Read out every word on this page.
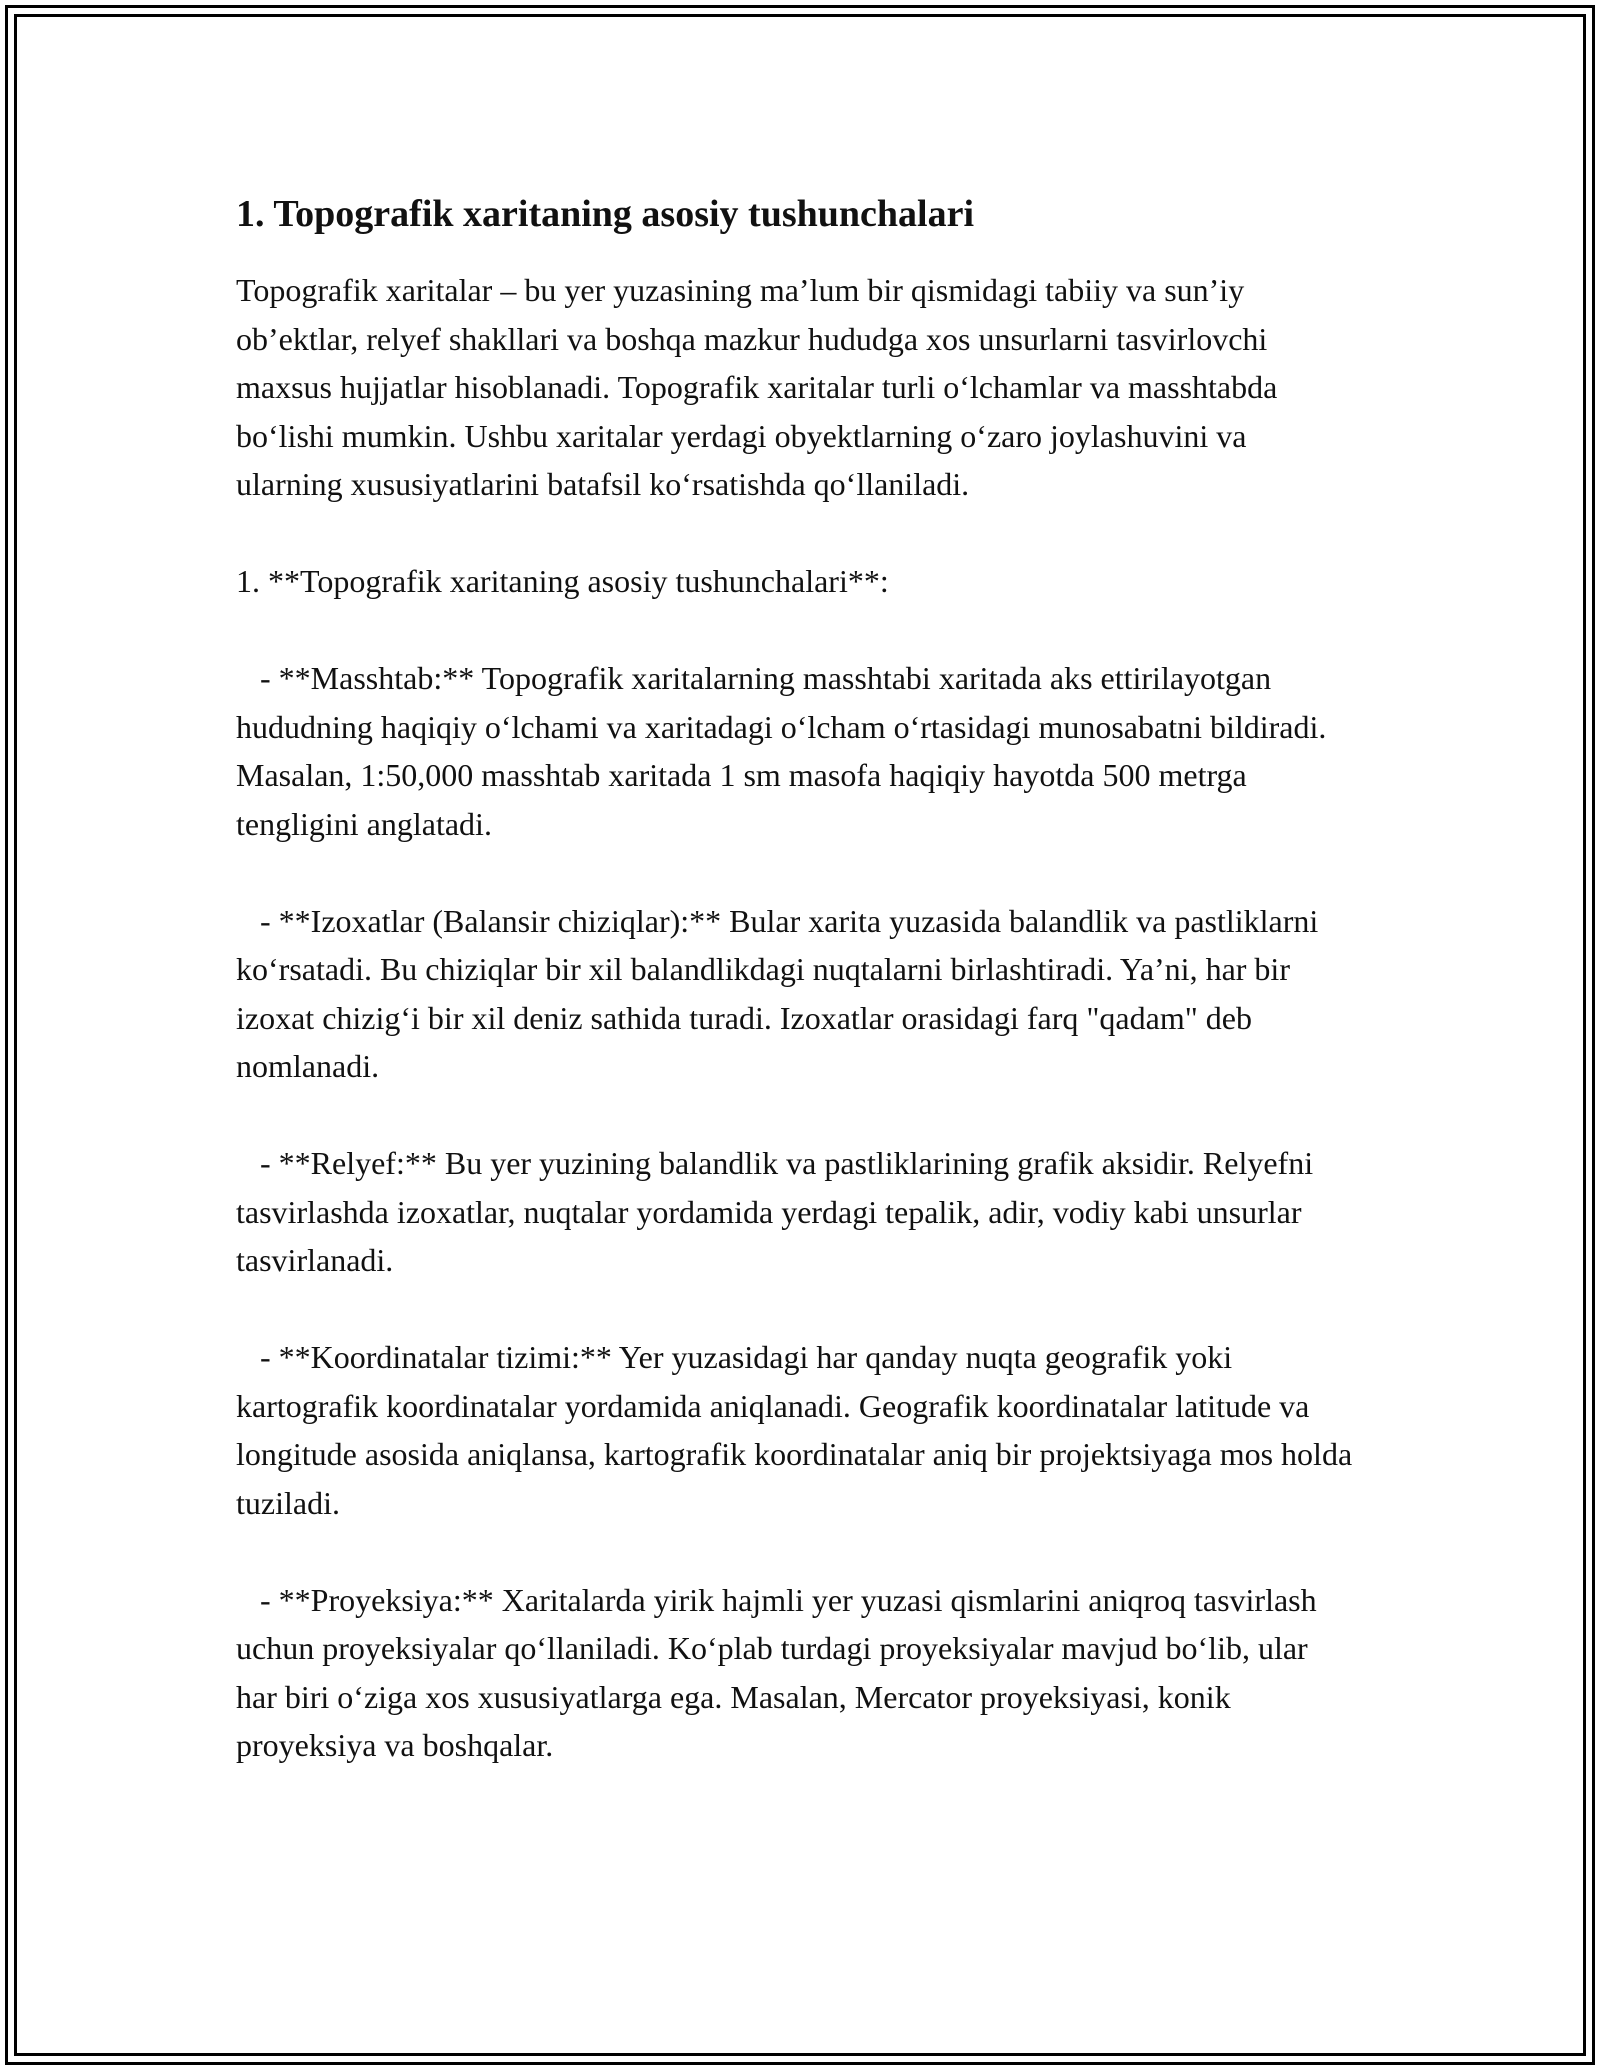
1. Topografik xaritaning asosiy tushunchalari

Topografik xaritalar – bu yer yuzasining ma’lum bir qismidagi tabiiy va sun’iy ob’ektlar, relyef shakllari va boshqa mazkur hududga xos unsurlarni tasvirlovchi maxsus hujjatlar hisoblanadi. Topografik xaritalar turli o‘lchamlar va masshtabda bo‘lishi mumkin. Ushbu xaritalar yerdagi obyektlarning o‘zaro joylashuvini va ularning xususiyatlarini batafsil ko‘rsatishda qo‘llaniladi.

1. **Topografik xaritaning asosiy tushunchalari**:

- **Masshtab:** Topografik xaritalarning masshtabi xaritada aks ettirilayotgan hududning haqiqiy o‘lchami va xaritadagi o‘lcham o‘rtasidagi munosabatni bildiradi. Masalan, 1:50,000 masshtab xaritada 1 sm masofa haqiqiy hayotda 500 metrga tengligini anglatadi.

- **Izoxatlar (Balansir chiziqlar):** Bular xarita yuzasida balandlik va pastliklarni ko‘rsatadi. Bu chiziqlar bir xil balandlikdagi nuqtalarni birlashtiradi. Ya’ni, har bir izoxat chizig‘i bir xil deniz sathida turadi. Izoxatlar orasidagi farq "qadam" deb nomlanadi.

- **Relyef:** Bu yer yuzining balandlik va pastliklarining grafik aksidir. Relyefni tasvirlashda izoxatlar, nuqtalar yordamida yerdagi tepalik, adir, vodiy kabi unsurlar tasvirlanadi.

- **Koordinatalar tizimi:** Yer yuzasidagi har qanday nuqta geografik yoki kartografik koordinatalar yordamida aniqlanadi. Geografik koordinatalar latitude va longitude asosida aniqlansa, kartografik koordinatalar aniq bir projektsiyaga mos holda tuziladi.

- **Proyeksiya:** Xaritalarda yirik hajmli yer yuzasi qismlarini aniqroq tasvirlash uchun proyeksiyalar qo‘llaniladi. Ko‘plab turdagi proyeksiyalar mavjud bo‘lib, ular har biri o‘ziga xos xususiyatlarga ega. Masalan, Mercator proyeksiyasi, konik proyeksiya va boshqalar.
